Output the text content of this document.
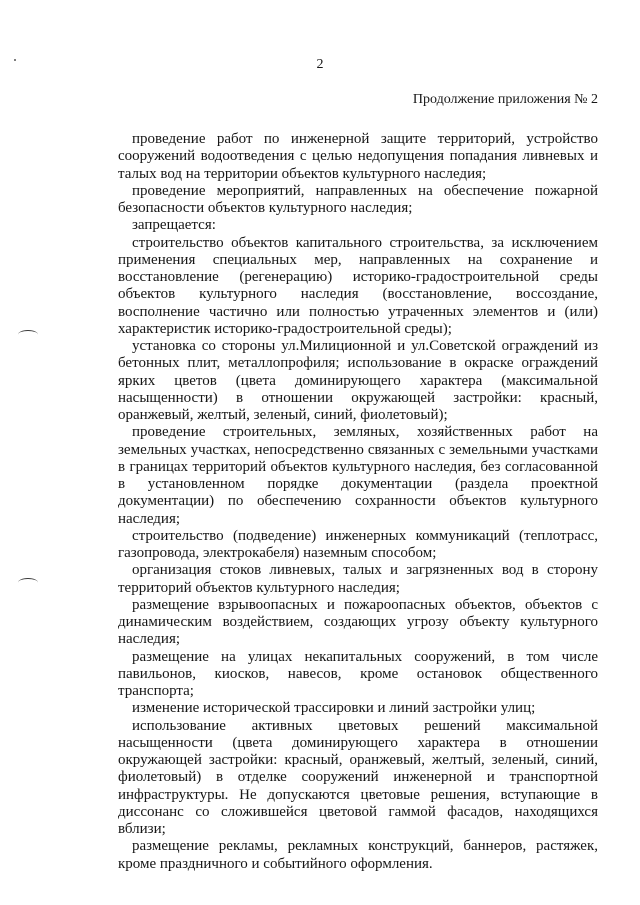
2
Продолжение приложения № 2

проведение работ по инженерной защите территорий, устройство сооружений водоотведения с целью недопущения попадания ливневых и талых вод на территории объектов культурного наследия;

проведение мероприятий, направленных на обеспечение пожарной безопасности объектов культурного наследия;

запрещается:

строительство объектов капитального строительства, за исключением применения специальных мер, направленных на сохранение и восстановление (регенерацию) историко-градостроительной среды объектов культурного наследия (восстановление, воссоздание, восполнение частично или полностью утраченных элементов и (или) характеристик историко-градостроительной среды);

установка со стороны ул.Милиционной и ул.Советской ограждений из бетонных плит, металлопрофиля; использование в окраске ограждений ярких цветов (цвета доминирующего характера (максимальной насыщенности) в отношении окружающей застройки: красный, оранжевый, желтый, зеленый, синий, фиолетовый);

проведение строительных, земляных, хозяйственных работ на земельных участках, непосредственно связанных с земельными участками в границах территорий объектов культурного наследия, без согласованной в установленном порядке документации (раздела проектной документации) по обеспечению сохранности объектов культурного наследия;

строительство (подведение) инженерных коммуникаций (теплотрасс, газопровода, электрокабеля) наземным способом;

организация стоков ливневых, талых и загрязненных вод в сторону территорий объектов культурного наследия;

размещение взрывоопасных и пожароопасных объектов, объектов с динамическим воздействием, создающих угрозу объекту культурного наследия;

размещение на улицах некапитальных сооружений, в том числе павильонов, киосков, навесов, кроме остановок общественного транспорта;

изменение исторической трассировки и линий застройки улиц;

использование активных цветовых решений максимальной насыщенности (цвета доминирующего характера в отношении окружающей застройки: красный, оранжевый, желтый, зеленый, синий, фиолетовый) в отделке сооружений инженерной и транспортной инфраструктуры. Не допускаются цветовые решения, вступающие в диссонанс со сложившейся цветовой гаммой фасадов, находящихся вблизи;

размещение рекламы, рекламных конструкций, баннеров, растяжек, кроме праздничного и событийного оформления.
